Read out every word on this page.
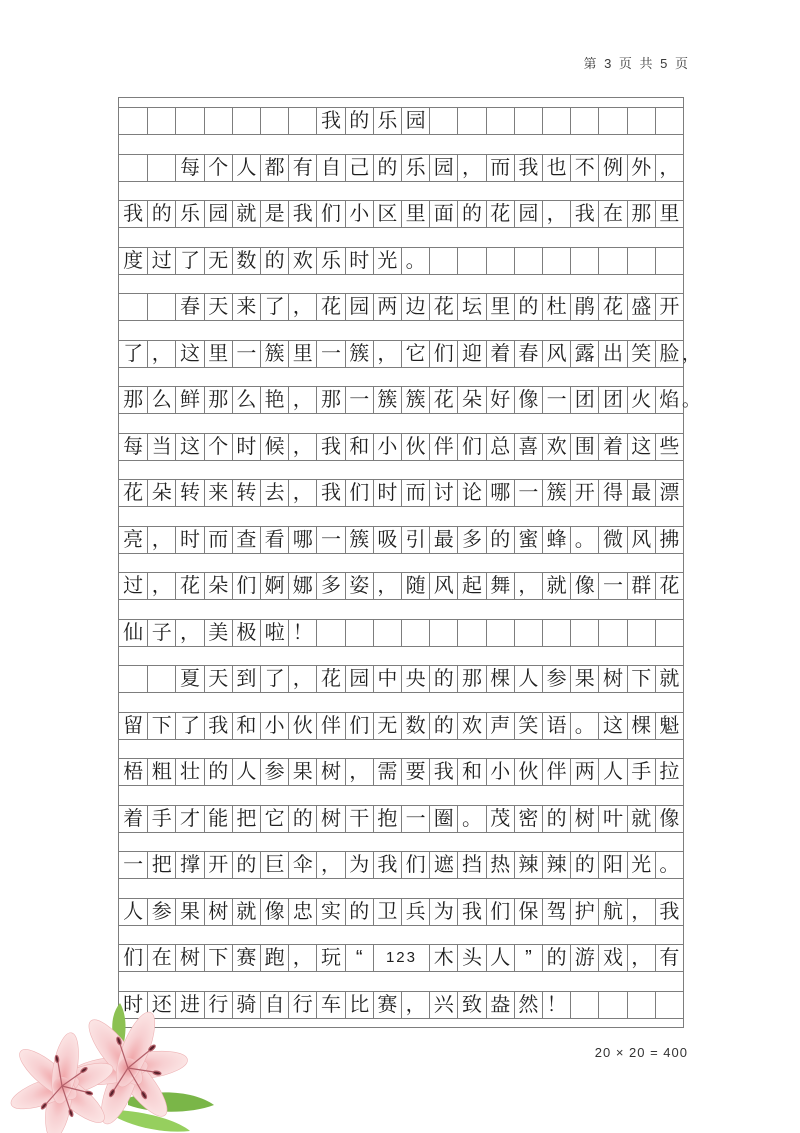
第 3 页 共 5 页
我 的 乐 园
每 个 人 都 有 自 己 的 乐 园 ， 而 我 也 不 例 外 ，
我 的 乐 园 就 是 我 们 小 区 里 面 的 花 园 ， 我 在 那 里
度 过 了 无 数 的 欢 乐 时 光 。
春 天 来 了 ， 花 园 两 边 花 坛 里 的 杜 鹃 花 盛 开
了 ， 这 里 一 簇 里 一 簇 ， 它 们 迎 着 春 风 露 出 笑 脸 ，
那 么 鲜 那 么 艳 ， 那 一 簇 簇 花 朵 好 像 一 团 团 火 焰 。
每 当 这 个 时 候 ， 我 和 小 伙 伴 们 总 喜 欢 围 着 这 些
花 朵 转 来 转 去 ， 我 们 时 而 讨 论 哪 一 簇 开 得 最 漂
亮 ， 时 而 查 看 哪 一 簇 吸 引 最 多 的 蜜 蜂 。 微 风 拂
过 ， 花 朵 们 婀 娜 多 姿 ， 随 风 起 舞 ， 就 像 一 群 花
仙 子 ， 美 极 啦 ！
夏 天 到 了 ， 花 园 中 央 的 那 棵 人 参 果 树 下 就
留 下 了 我 和 小 伙 伴 们 无 数 的 欢 声 笑 语 。 这 棵 魁
梧 粗 壮 的 人 参 果 树 ， 需 要 我 和 小 伙 伴 两 人 手 拉
着 手 才 能 把 它 的 树 干 抱 一 圈 。 茂 密 的 树 叶 就 像
一 把 撑 开 的 巨 伞 ， 为 我 们 遮 挡 热 辣 辣 的 阳 光 。
人 参 果 树 就 像 忠 实 的 卫 兵 为 我 们 保 驾 护 航 ， 我
们 在 树 下 赛 跑 ， 玩 “	123 木 头 人 ” 的 游 戏 ， 有
时 还 进 行 骑 自 行 车 比 赛 ， 兴 致 盎 然 ！
20 × 20 = 400
